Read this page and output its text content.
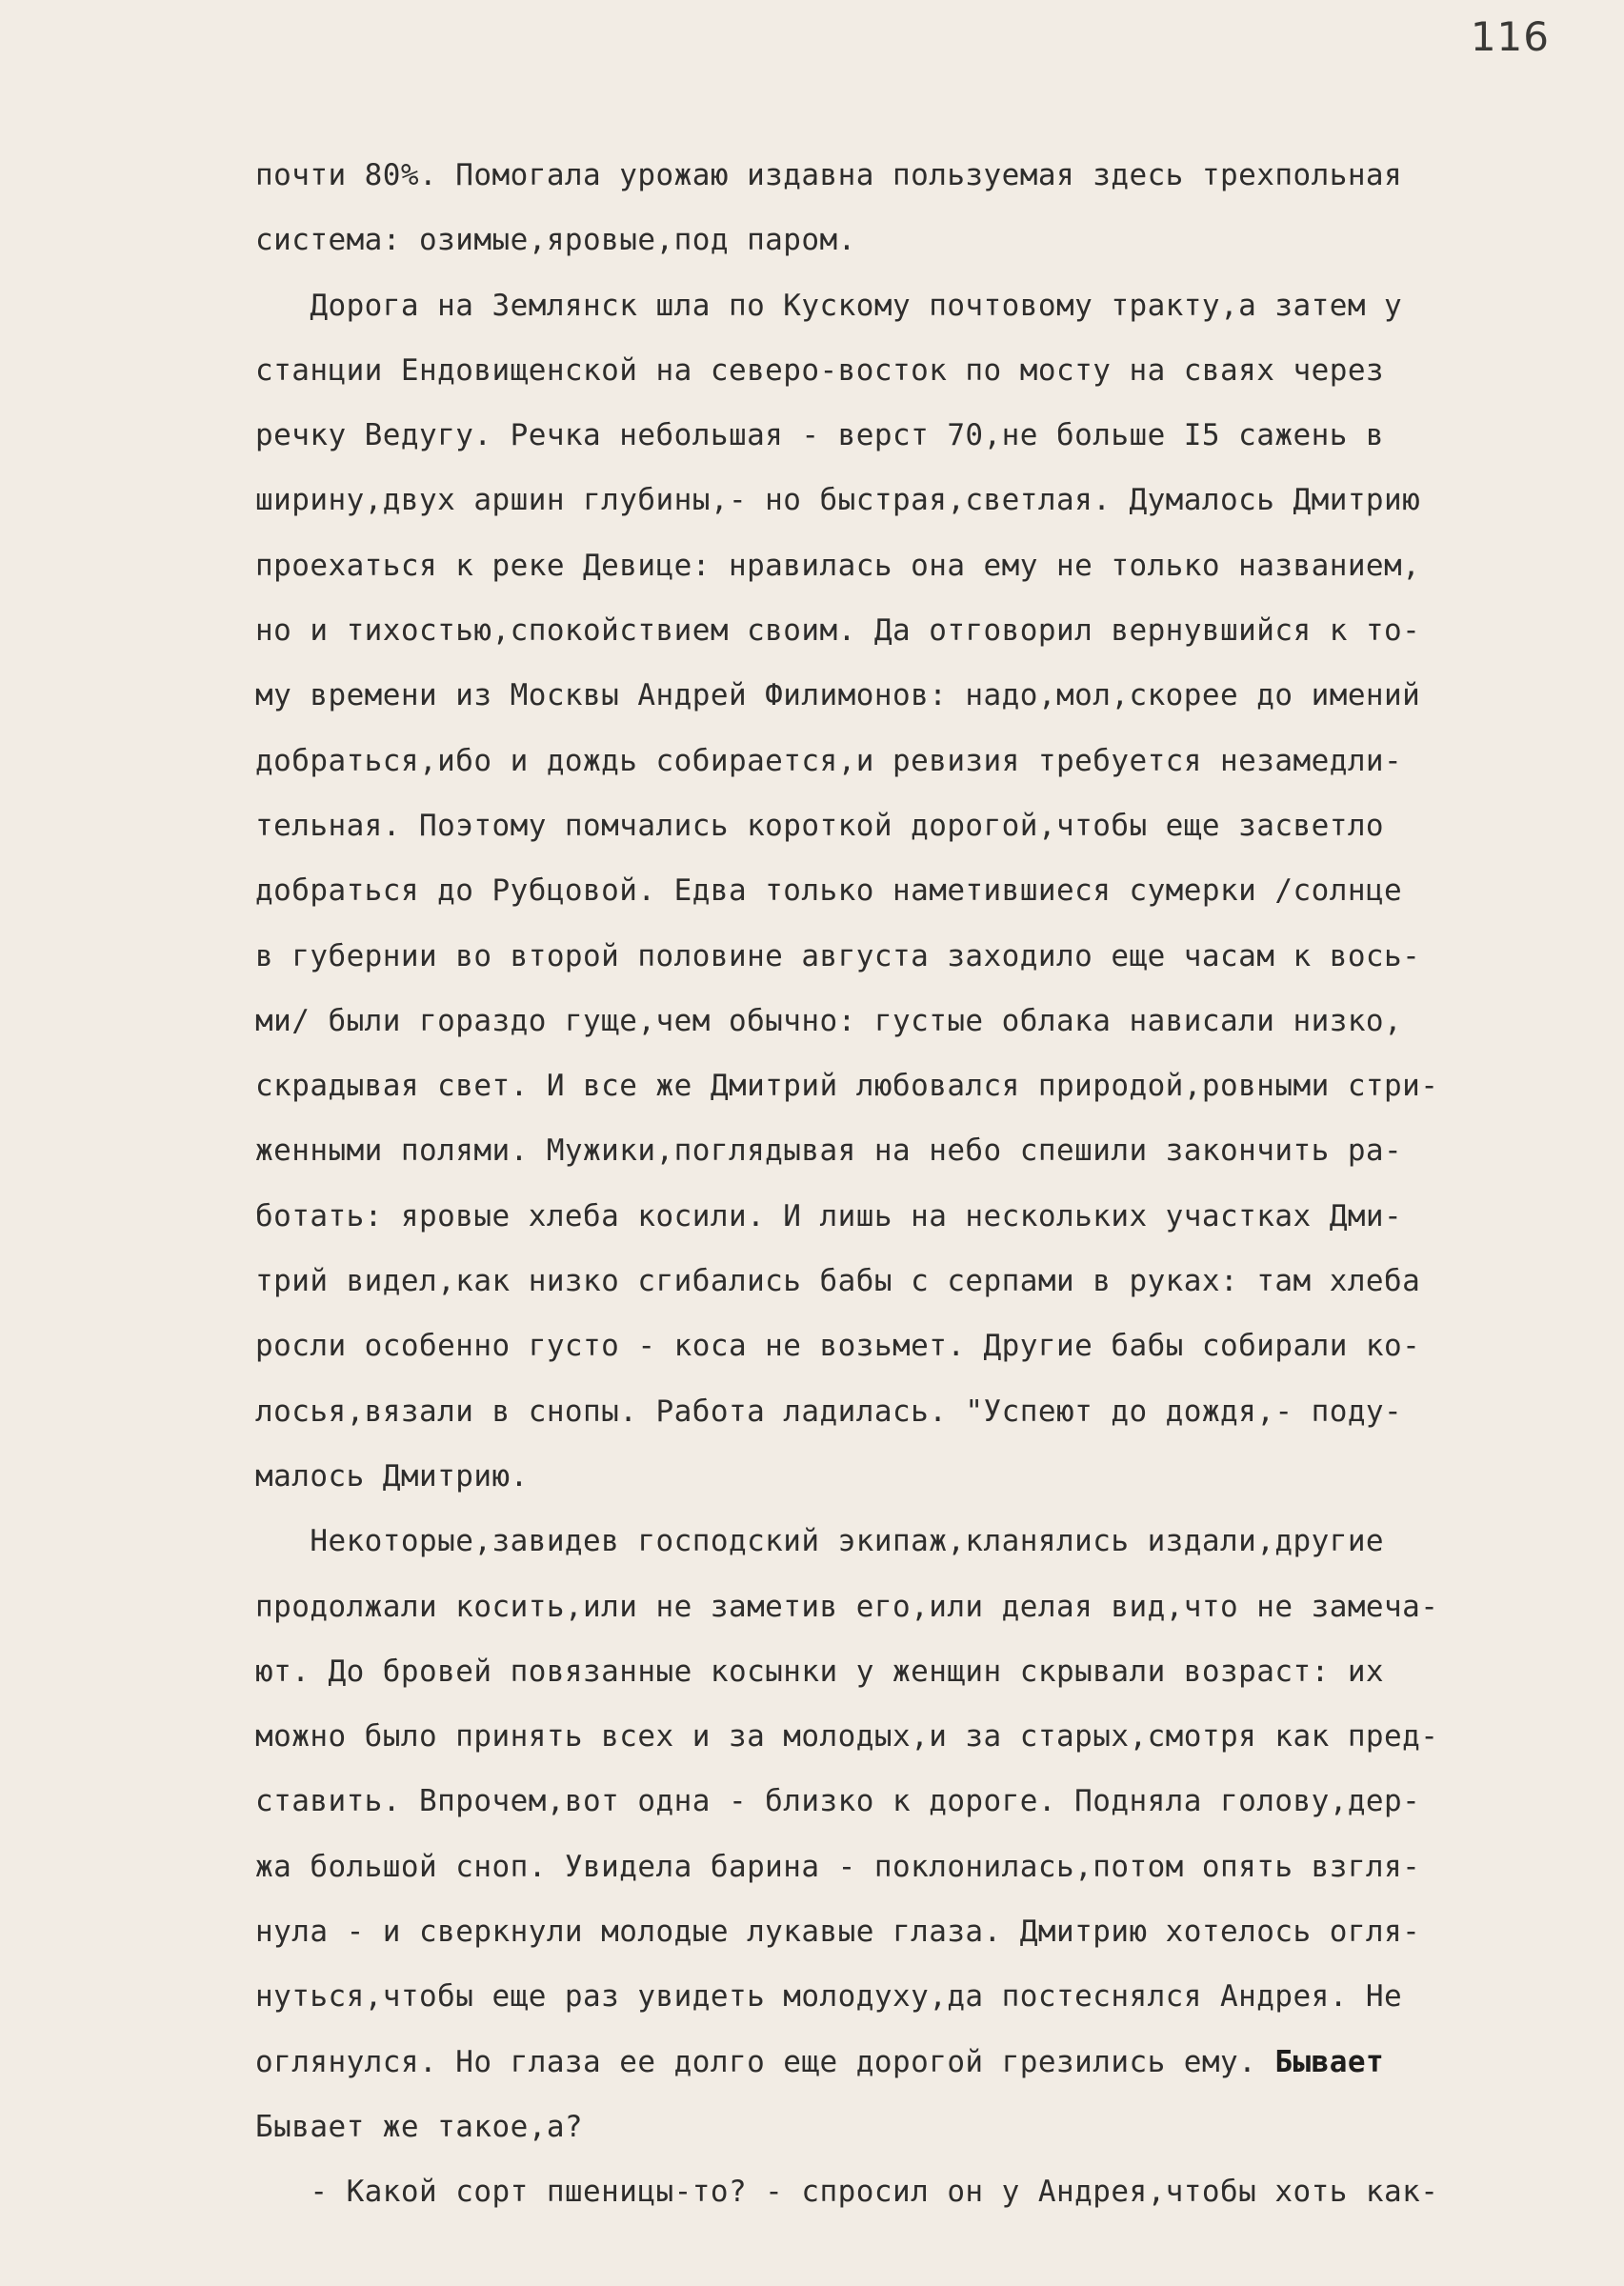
116
почти 80%. Помогала урожаю издавна пользуемая здесь трехпольная
система: озимые,яровые,под паром.
Дорога на Землянск шла по Кускому почтовому тракту,а затем у
станции Ендовищенской на северо-восток по мосту на сваях через
речку Ведугу. Речка небольшая - верст 70,не больше I5 сажень в
ширину,двух аршин глубины,- но быстрая,светлая. Думалось Дмитрию
проехаться к реке Девице: нравилась она ему не только названием,
но и тихостью,спокойствием своим. Да отговорил вернувшийся к то-
му времени из Москвы Андрей Филимонов: надо,мол,скорее до имений
добраться,ибо и дождь собирается,и ревизия требуется незамедли-
тельная. Поэтому помчались короткой дорогой,чтобы еще засветло
добраться до Рубцовой. Едва только наметившиеся сумерки /солнце
в губернии во второй половине августа заходило еще часам к вось-
ми/ были гораздо гуще,чем обычно: густые облака нависали низко,
скрадывая свет. И все же Дмитрий любовался природой,ровными стри-
женными полями. Мужики,поглядывая на небо спешили закончить ра-
ботать: яровые хлеба косили. И лишь на нескольких участках Дми-
трий видел,как низко сгибались бабы с серпами в руках: там хлеба
росли особенно густо - коса не возьмет. Другие бабы собирали ко-
лосья,вязали в снопы. Работа ладилась. "Успеют до дождя,- поду-
малось Дмитрию.
Некоторые,завидев господский экипаж,кланялись издали,другие
продолжали косить,или не заметив его,или делая вид,что не замеча-
ют. До бровей повязанные косынки у женщин скрывали возраст: их
можно было принять всех и за молодых,и за старых,смотря как пред-
ставить. Впрочем,вот одна - близко к дороге. Подняла голову,дер-
жа большой сноп. Увидела барина - поклонилась,потом опять взгля-
нула - и сверкнули молодые лукавые глаза. Дмитрию хотелось огля-
нуться,чтобы еще раз увидеть молодуху,да постеснялся Андрея. Не
оглянулся. Но глаза ее долго еще дорогой грезились ему. Бывает
Бывает же такое,а?
- Какой сорт пшеницы-то? - спросил он у Андрея,чтобы хоть как-
